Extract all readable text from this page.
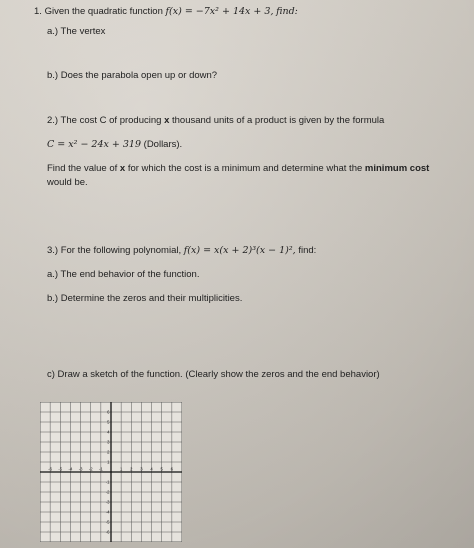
1. Given the quadratic function f(x) = −7x² + 14x + 3, find:
a.) The vertex
b.) Does the parabola open up or down?
2.) The cost C of producing x thousand units of a product is given by the formula
C = x² − 24x + 319 (Dollars).
Find the value of x for which the cost is a minimum and determine what the minimum cost
would be.
3.) For the following polynomial, f(x) = x(x + 2)³(x − 1)², find:
a.) The end behavior of the function.
b.) Determine the zeros and their multiplicities.
c) Draw a sketch of the function. (Clearly show the zeros and the end behavior)
-6 -5 -4 -3 -2 -1	1 2 3 4 5 6
6
5
4
3
2
1
-1
-2
-3
-4
-5
-6
